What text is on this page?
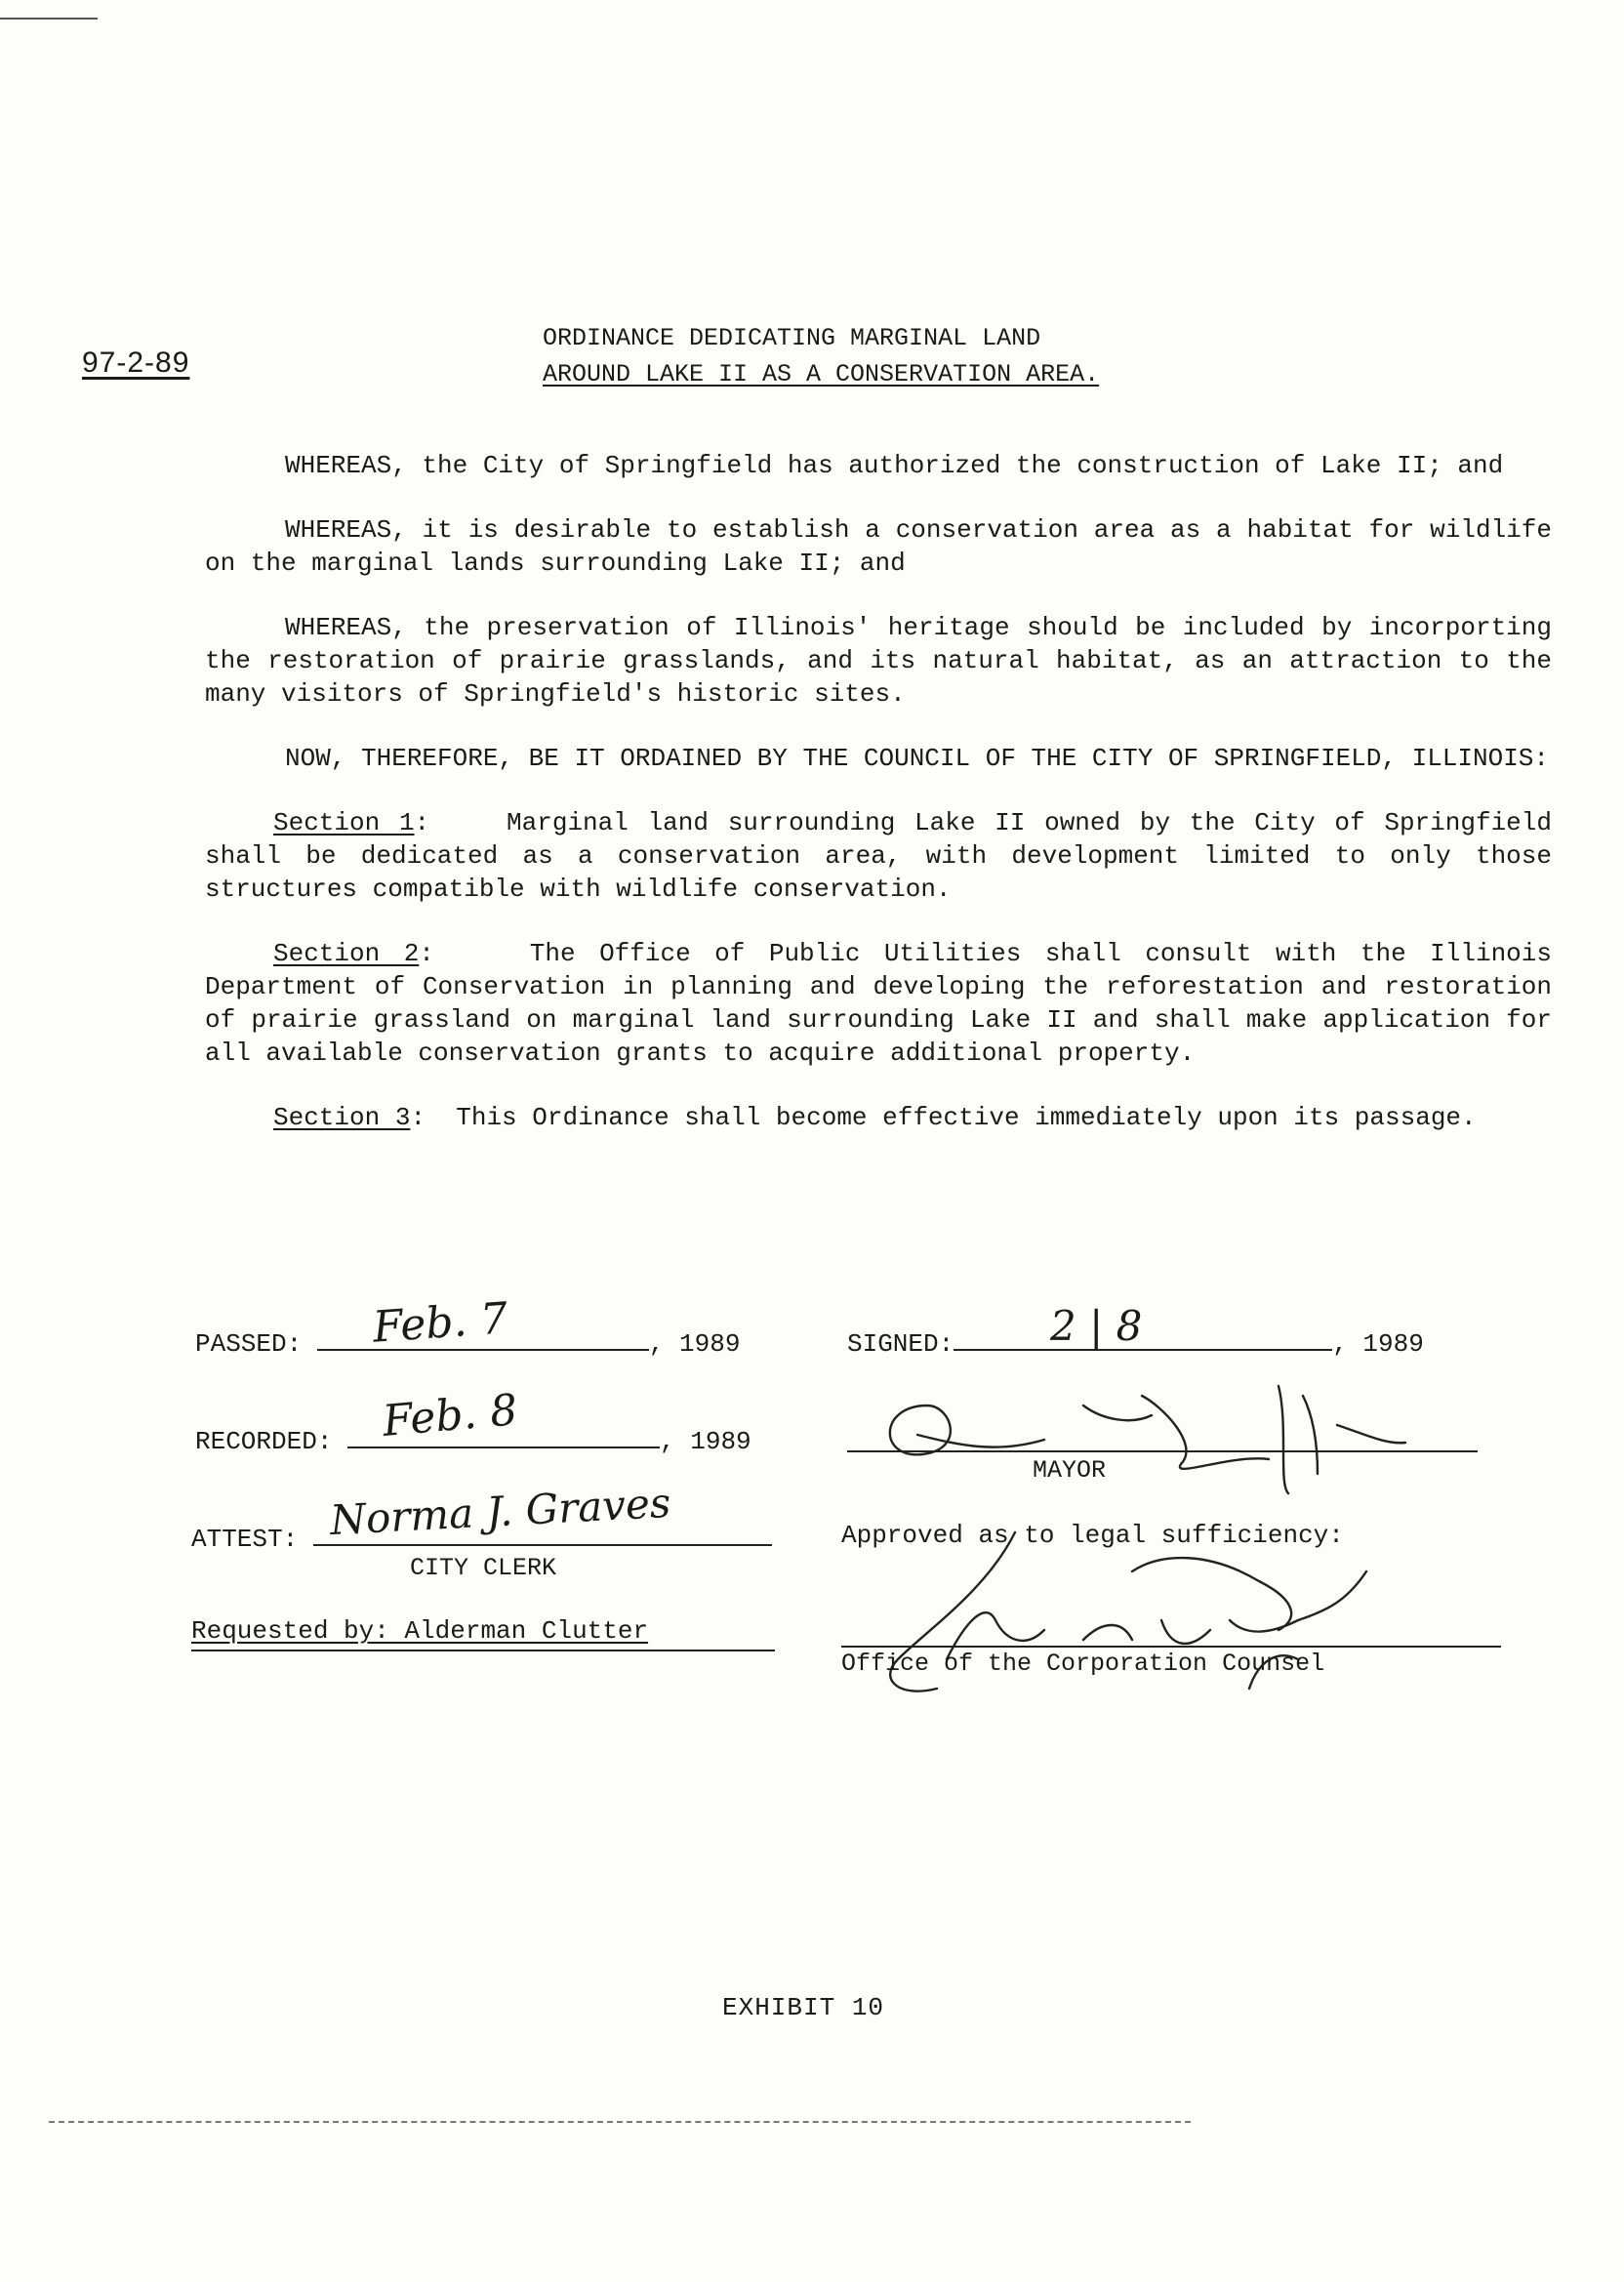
97-2-89
ORDINANCE DEDICATING MARGINAL LAND
AROUND LAKE II AS A CONSERVATION AREA.

WHEREAS, the City of Springfield has authorized the construction of Lake II; and

WHEREAS, it is desirable to establish a conservation area as a habitat for wildlife on the marginal lands surrounding Lake II; and

WHEREAS, the preservation of Illinois' heritage should be included by incorporting the restoration of prairie grasslands, and its natural habitat, as an attraction to the many visitors of Springfield's historic sites.

NOW, THEREFORE, BE IT ORDAINED BY THE COUNCIL OF THE CITY OF SPRINGFIELD, ILLINOIS:

Section 1:    Marginal land surrounding Lake II owned by the City of Springfield shall be dedicated as a conservation area, with development limited to only those structures compatible with wildlife conservation.

Section 2:    The Office of Public Utilities shall consult with the Illinois Department of Conservation in planning and developing the reforestation and restoration of prairie grassland on marginal land surrounding Lake II and shall make application for all available conservation grants to acquire additional property.

Section 3:  This Ordinance shall become effective immediately upon its passage.

PASSED:	, 1989
Feb. 7
RECORDED:	, 1989
Feb. 8
ATTEST: Norma J. Graves
CITY CLERK
Requested by: Alderman Clutter
SIGNED:	, 1989
2 | 8
MAYOR
Approved as to legal sufficiency:
Office of the Corporation Counsel
EXHIBIT 10
